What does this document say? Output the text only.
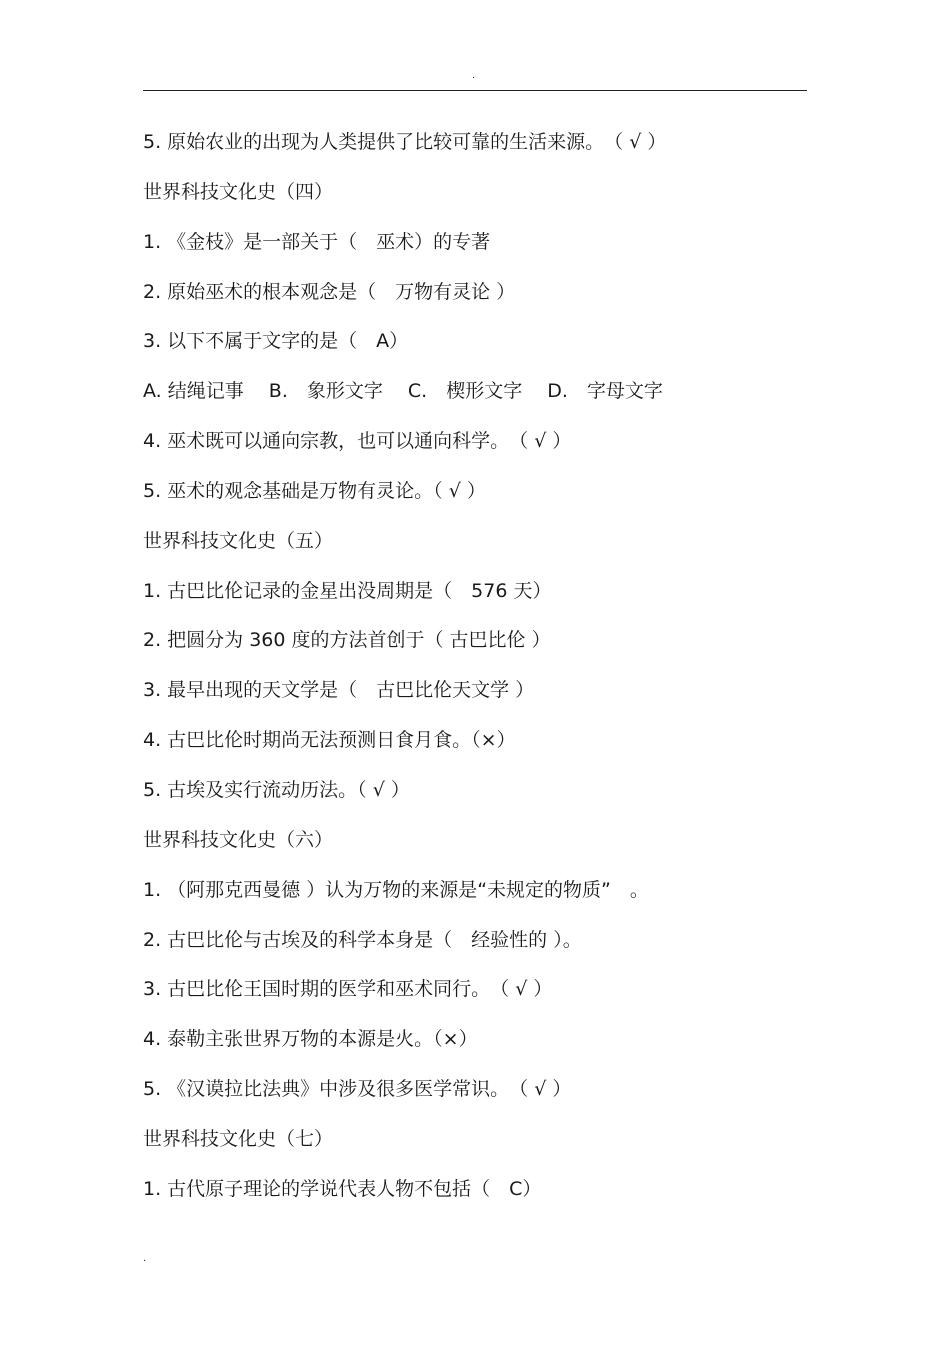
.
5. 原始农业的出现为人类提供了比较可靠的生活来源。　（ √ ）
世界科技文化史（四）
1. 《金枝》是一部关于（　巫术）的专著
2. 原始巫术的根本观念是（　万物有灵论 ）
3. 以下不属于文字的是（　A）
A. 结绳记事　 B.　象形文字　 C.　楔形文字　 D.　字母文字
4. 巫术既可以通向宗教，也可以通向科学。　（ √ ）
5. 巫术的观念基础是万物有灵论。（ √ ）
世界科技文化史（五）
1. 古巴比伦记录的金星出没周期是（　576 天）
2. 把圆分为 360 度的方法首创于（ 古巴比伦 ）
3. 最早出现的天文学是（　古巴比伦天文学 ）
4. 古巴比伦时期尚无法预测日食月食。（×）
5. 古埃及实行流动历法。（ √ ）
世界科技文化史（六）
1. （阿那克西曼德 ）认为万物的来源是“未规定的物质”　。
2. 古巴比伦与古埃及的科学本身是（　经验性的 ）。
3. 古巴比伦王国时期的医学和巫术同行。　（ √ ）
4. 泰勒主张世界万物的本源是火。（×）
5. 《汉谟拉比法典》中涉及很多医学常识。　（ √ ）
世界科技文化史（七）
1. 古代原子理论的学说代表人物不包括（　C）
.
